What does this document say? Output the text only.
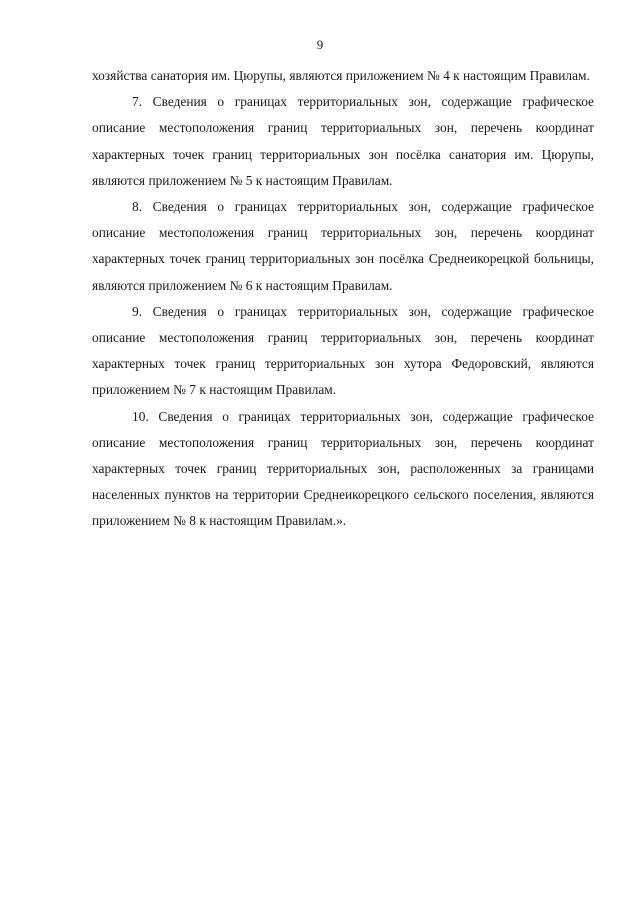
9

хозяйства санатория им. Цюрупы, являются приложением № 4 к настоящим Правилам.

7. Сведения о границах территориальных зон, содержащие графическое описание местоположения границ территориальных зон, перечень координат характерных точек границ территориальных зон посёлка санатория им. Цюрупы, являются приложением № 5 к настоящим Правилам.

8. Сведения о границах территориальных зон, содержащие графическое описание местоположения границ территориальных зон, перечень координат характерных точек границ территориальных зон посёлка Среднеикорецкой больницы, являются приложением № 6 к настоящим Правилам.

9. Сведения о границах территориальных зон, содержащие графическое описание местоположения границ территориальных зон, перечень координат характерных точек границ территориальных зон хутора Федоровский, являются приложением № 7 к настоящим Правилам.

10. Сведения о границах территориальных зон, содержащие графическое описание местоположения границ территориальных зон, перечень координат характерных точек границ территориальных зон, расположенных за границами населенных пунктов на территории Среднеикорецкого сельского поселения, являются приложением № 8 к настоящим Правилам.».
